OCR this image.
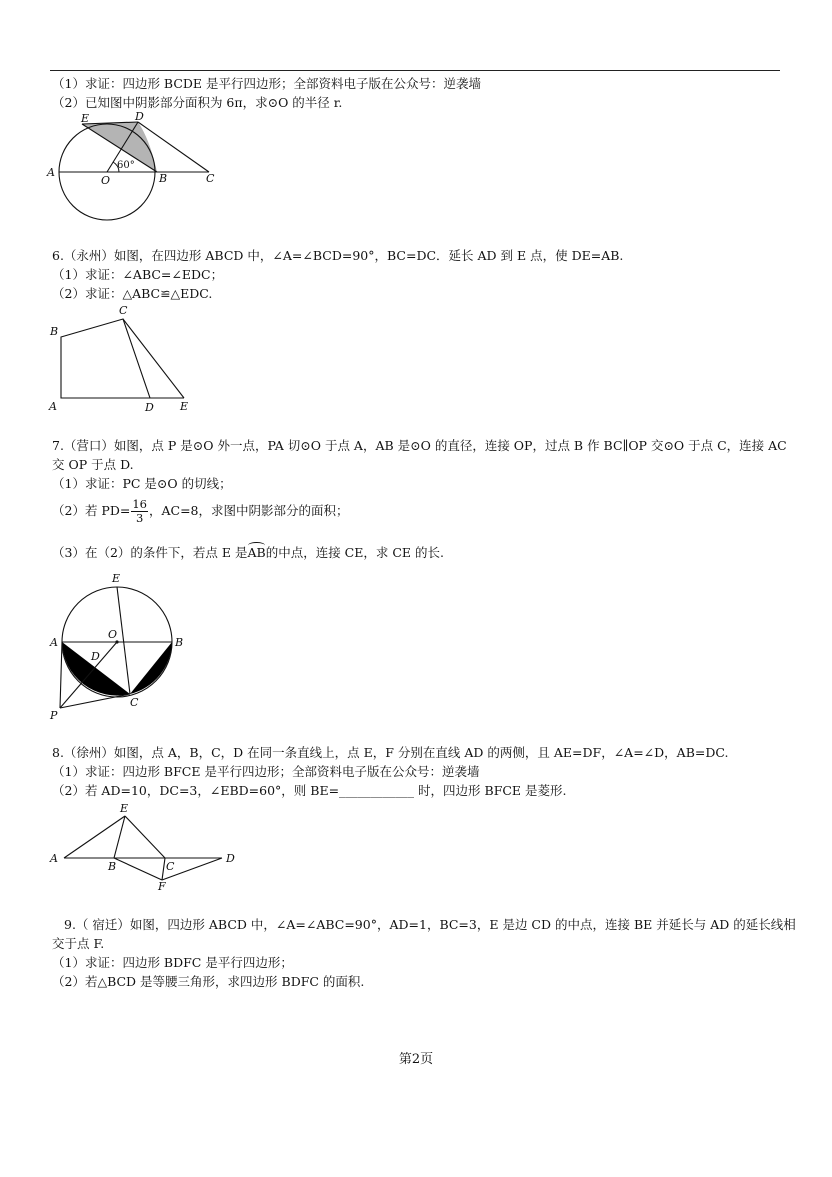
（1）求证：四边形 BCDE 是平行四边形；全部资料电子版在公众号：逆袭墙
（2）已知图中阴影部分面积为 6π，求⊙O 的半径 r.
E	D
A
O	B	C
60°
6.（永州）如图，在四边形 ABCD 中，∠A=∠BCD=90°，BC=DC．延长 AD 到 E 点，使 DE=AB.
（1）求证：∠ABC=∠EDC；
（2）求证：△ABC≌△EDC.
B
C
A	D E
7.（营口）如图，点 P 是⊙O 外一点，PA 切⊙O 于点 A，AB 是⊙O 的直径，连接 OP，过点 B 作 BC∥OP 交⊙O 于点 C，连接 AC
交 OP 于点 D.
（1）求证：PC 是⊙O 的切线；
（2）若 $PD= \frac{16}{3}$ ，AC=8，求图中阴影部分的面积；
（3）在（2）的条件下，若点 E 是AB的中点，连接 CE，求 CE 的长.
E
O
A	B
D
C
P
8.（徐州）如图，点 A，B，C，D 在同一条直线上，点 E，F 分别在直线 AD 的两侧，且 AE=DF，∠A=∠D，AB=DC.
（1）求证：四边形 BFCE 是平行四边形；全部资料电子版在公众号：逆袭墙
（2）若 AD=10，DC=3，∠EBD=60°，则 BE=____________ 时，四边形 BFCE 是菱形.
E
A
B	C
D
F
9.（ 宿迁）如图，四边形 ABCD 中，∠A=∠ABC=90°，AD=1，BC=3，E 是边 CD 的中点，连接 BE 并延长与 AD 的延长线相
交于点 F.
（1）求证：四边形 BDFC 是平行四边形；
（2）若△BCD 是等腰三角形，求四边形 BDFC 的面积.
第2页
